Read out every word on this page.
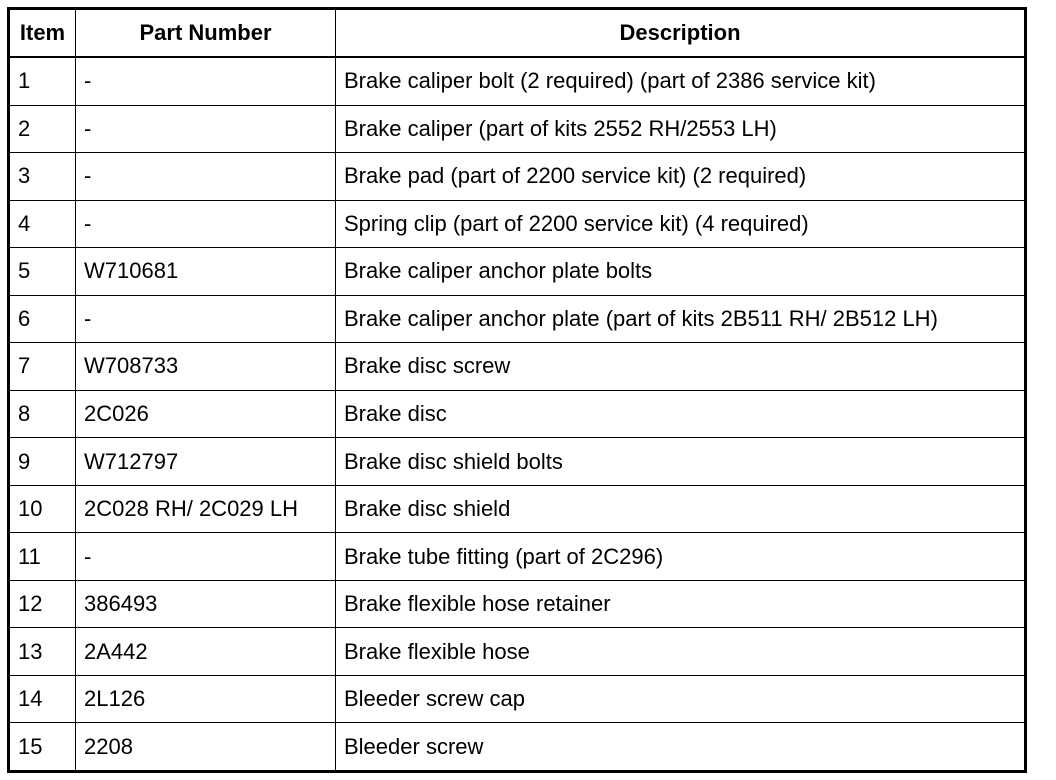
Item	Part Number	Description
1	-	Brake caliper bolt (2 required) (part of 2386 service kit)
2	-	Brake caliper (part of kits 2552 RH/2553 LH)
3	-	Brake pad (part of 2200 service kit) (2 required)
4	-	Spring clip (part of 2200 service kit) (4 required)
5	W710681	Brake caliper anchor plate bolts
6	-	Brake caliper anchor plate (part of kits 2B511 RH/ 2B512 LH)
7	W708733	Brake disc screw
8	2C026	Brake disc
9	W712797	Brake disc shield bolts
10	2C028 RH/ 2C029 LH	Brake disc shield
11	-	Brake tube fitting (part of 2C296)
12	386493	Brake flexible hose retainer
13	2A442	Brake flexible hose
14	2L126	Bleeder screw cap
15	2208	Bleeder screw
